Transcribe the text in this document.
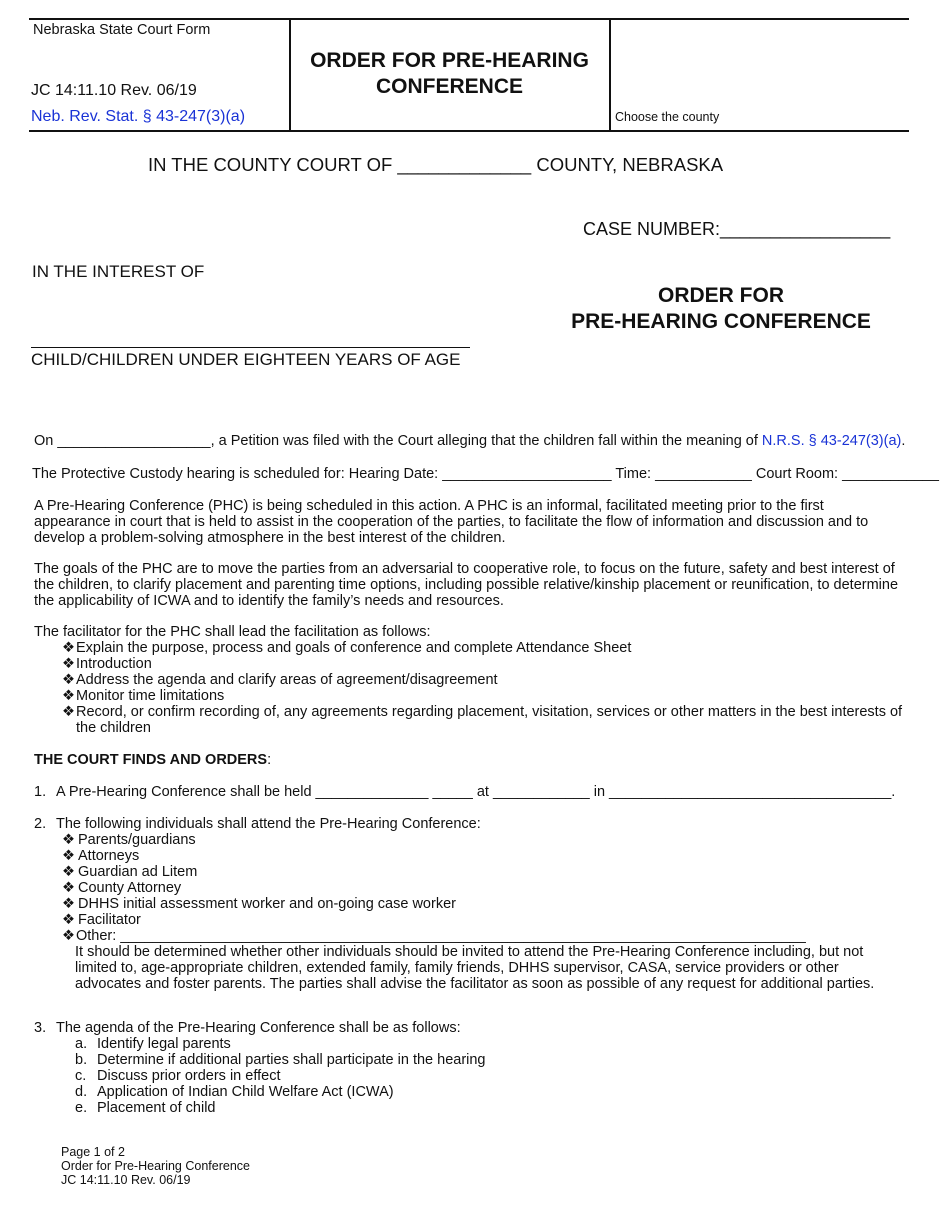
Nebraska State Court Form
JC 14:11.10 Rev. 06/19
Neb. Rev. Stat. § 43-247(3)(a)
ORDER FOR PRE-HEARING
CONFERENCE
Choose the county
IN THE COUNTY COURT OF _____________ COUNTY, NEBRASKA
CASE NUMBER:_________________
IN THE INTEREST OF
ORDER FOR
PRE-HEARING CONFERENCE
CHILD/CHILDREN UNDER EIGHTEEN YEARS OF AGE
On ___________________, a Petition was filed with the Court alleging that the children fall within the meaning of N.R.S. § 43-247(3)(a).
The Protective Custody hearing is scheduled for: Hearing Date: _____________________ Time: ____________ Court Room: ____________
A Pre-Hearing Conference (PHC) is being scheduled in this action. A PHC is an informal, facilitated meeting prior to the first appearance in court that is held to assist in the cooperation of the parties, to facilitate the flow of information and discussion and to develop a problem-solving atmosphere in the best interest of the children.
The goals of the PHC are to move the parties from an adversarial to cooperative role, to focus on the future, safety and best interest of the children, to clarify placement and parenting time options, including possible relative/kinship placement or reunification, to determine the applicability of ICWA and to identify the family’s needs and resources.
The facilitator for the PHC shall lead the facilitation as follows:
❖ Explain the purpose, process and goals of conference and complete Attendance Sheet
❖ Introduction
❖ Address the agenda and clarify areas of agreement/disagreement
❖ Monitor time limitations
❖ Record, or confirm recording of, any agreements regarding placement, visitation, services or other matters in the best interests of
the children
THE COURT FINDS AND ORDERS:
1. A Pre-Hearing Conference shall be held ______________ _____ at ____________ in ___________________________________.
2. The following individuals shall attend the Pre-Hearing Conference:
❖ Parents/guardians
❖ Attorneys
❖ Guardian ad Litem
❖ County Attorney
❖ DHHS initial assessment worker and on-going case worker
❖ Facilitator
❖ Other: _____________________________________________________________________________________
It should be determined whether other individuals should be invited to attend the Pre-Hearing Conference including, but not limited to, age-appropriate children, extended family, family friends, DHHS supervisor, CASA, service providers or other advocates and foster parents. The parties shall advise the facilitator as soon as possible of any request for additional parties.
3. The agenda of the Pre-Hearing Conference shall be as follows:
a. Identify legal parents
b. Determine if additional parties shall participate in the hearing
c. Discuss prior orders in effect
d. Application of Indian Child Welfare Act (ICWA)
e. Placement of child
Page 1 of 2
Order for Pre-Hearing Conference
JC 14:11.10 Rev. 06/19
